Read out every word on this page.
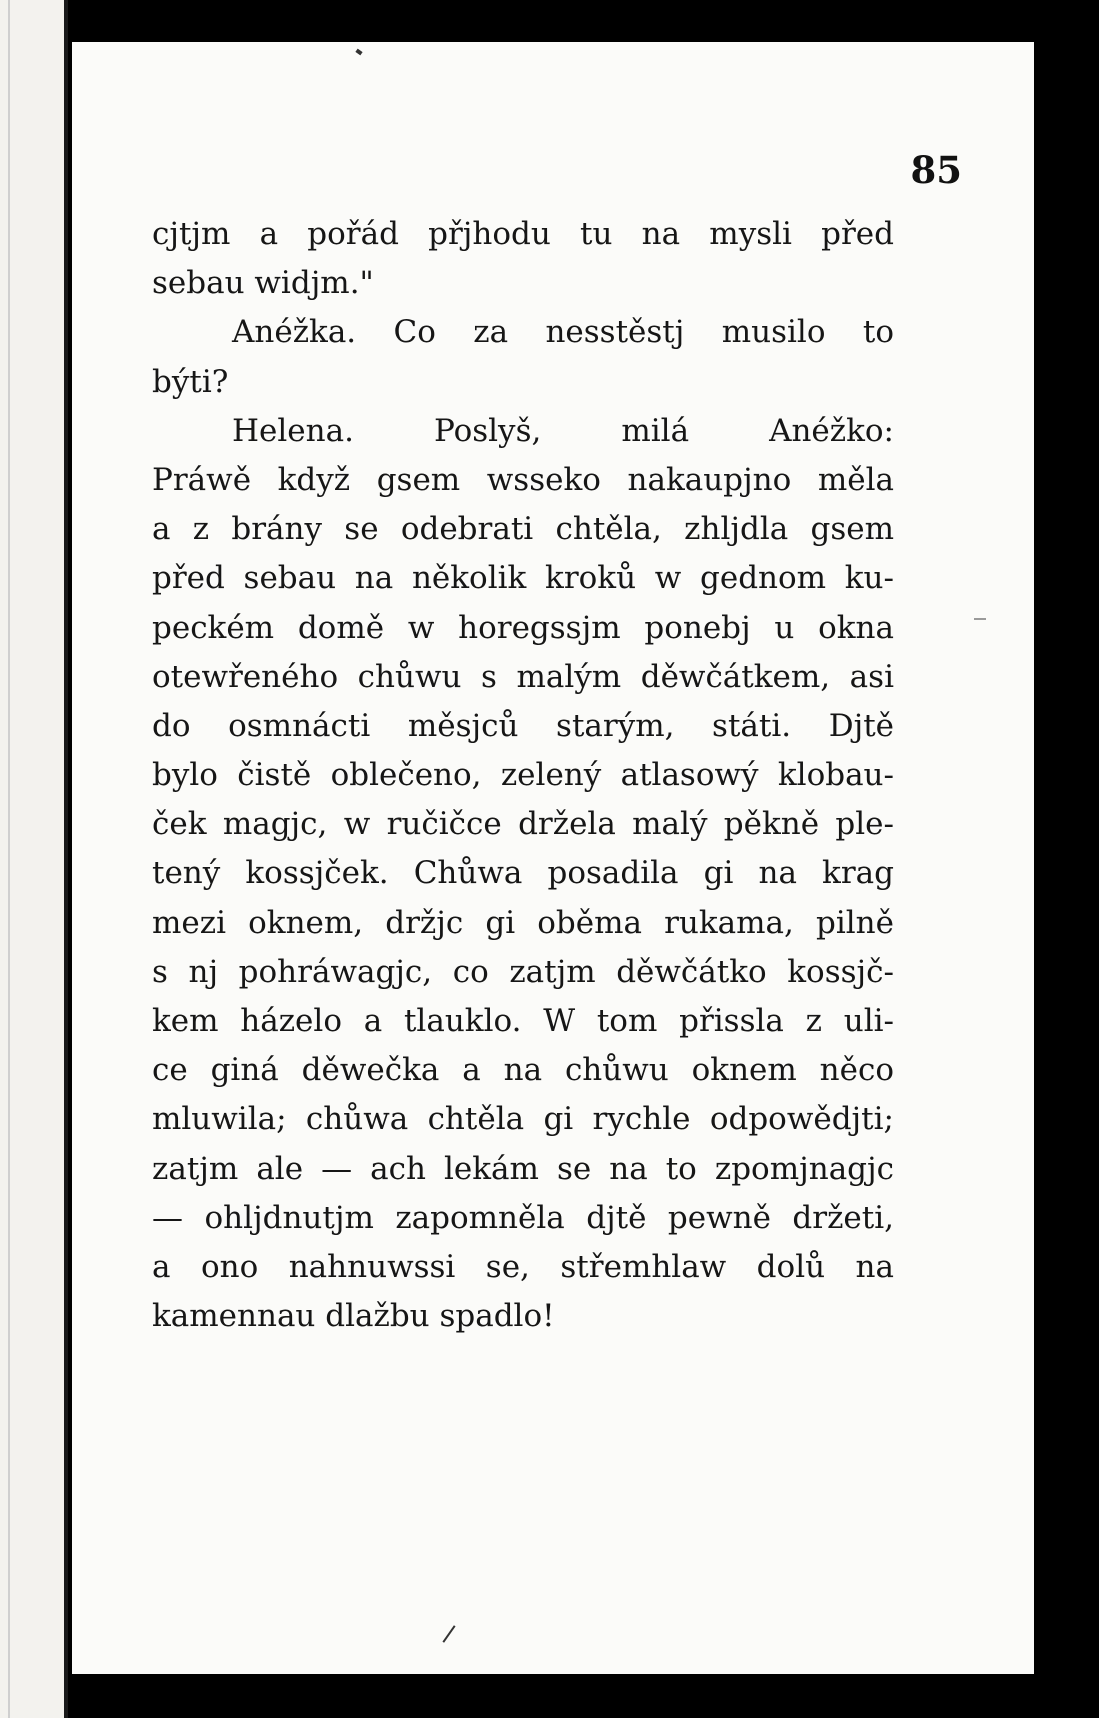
85
cjtjm a pořád přjhodu tu na mysli před
sebau widjm."
Anéžka. Co za nesstěstj musilo to
býti?
Helena. Poslyš, milá Anéžko:
Práwě když gsem wsseko nakaupjno měla
a z brány se odebrati chtěla, zhljdla gsem
před sebau na několik kroků w gednom ku-
peckém domě w horegssjm ponebj u okna
otewřeného chůwu s malým děwčátkem, asi
do osmnácti měsjců starým, státi. Djtě
bylo čistě oblečeno, zelený atlasowý klobau-
ček magjc, w ručičce držela malý pěkně ple-
tený kossjček. Chůwa posadila gi na krag
mezi oknem, držjc gi oběma rukama, pilně
s nj pohráwagjc, co zatjm děwčátko kossjč-
kem házelo a tlauklo. W tom přissla z uli-
ce giná děwečka a na chůwu oknem něco
mluwila; chůwa chtěla gi rychle odpowědjti;
zatjm ale — ach lekám se na to zpomjnagjc
— ohljdnutjm zapomněla djtě pewně držeti,
a ono nahnuwssi se, střemhlaw dolů na
kamennau dlažbu spadlo!
